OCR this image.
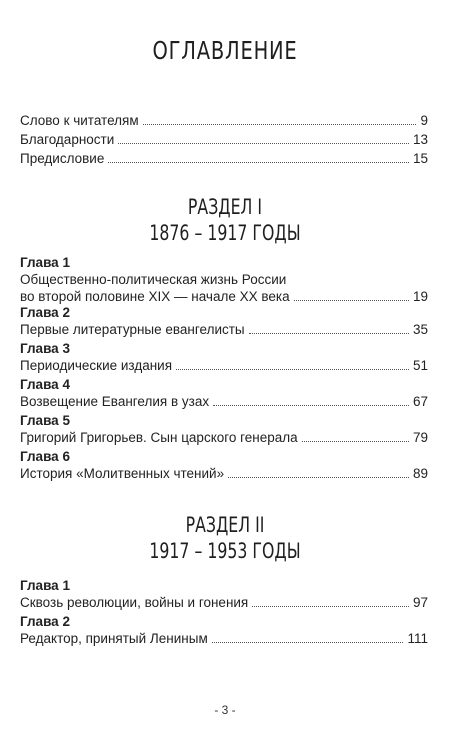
ОГЛАВЛЕНИЕ
Слово к читателям	9
Благодарности	13
Предисловие	15
РАЗДЕЛ I
1876 – 1917 ГОДЫ
Глава 1
Общественно-политическая жизнь России
во второй половине XIX — начале XX века	19
Глава 2
Первые литературные евангелисты	35
Глава 3
Периодические издания	51
Глава 4
Возвещение Евангелия в узах	67
Глава 5
Григорий Григорьев. Сын царского генерала	79
Глава 6
История «Молитвенных чтений»	89
РАЗДЕЛ II
1917 – 1953 ГОДЫ
Глава 1
Сквозь революции, войны и гонения	97
Глава 2
Редактор, принятый Лениным	111
- 3 -
